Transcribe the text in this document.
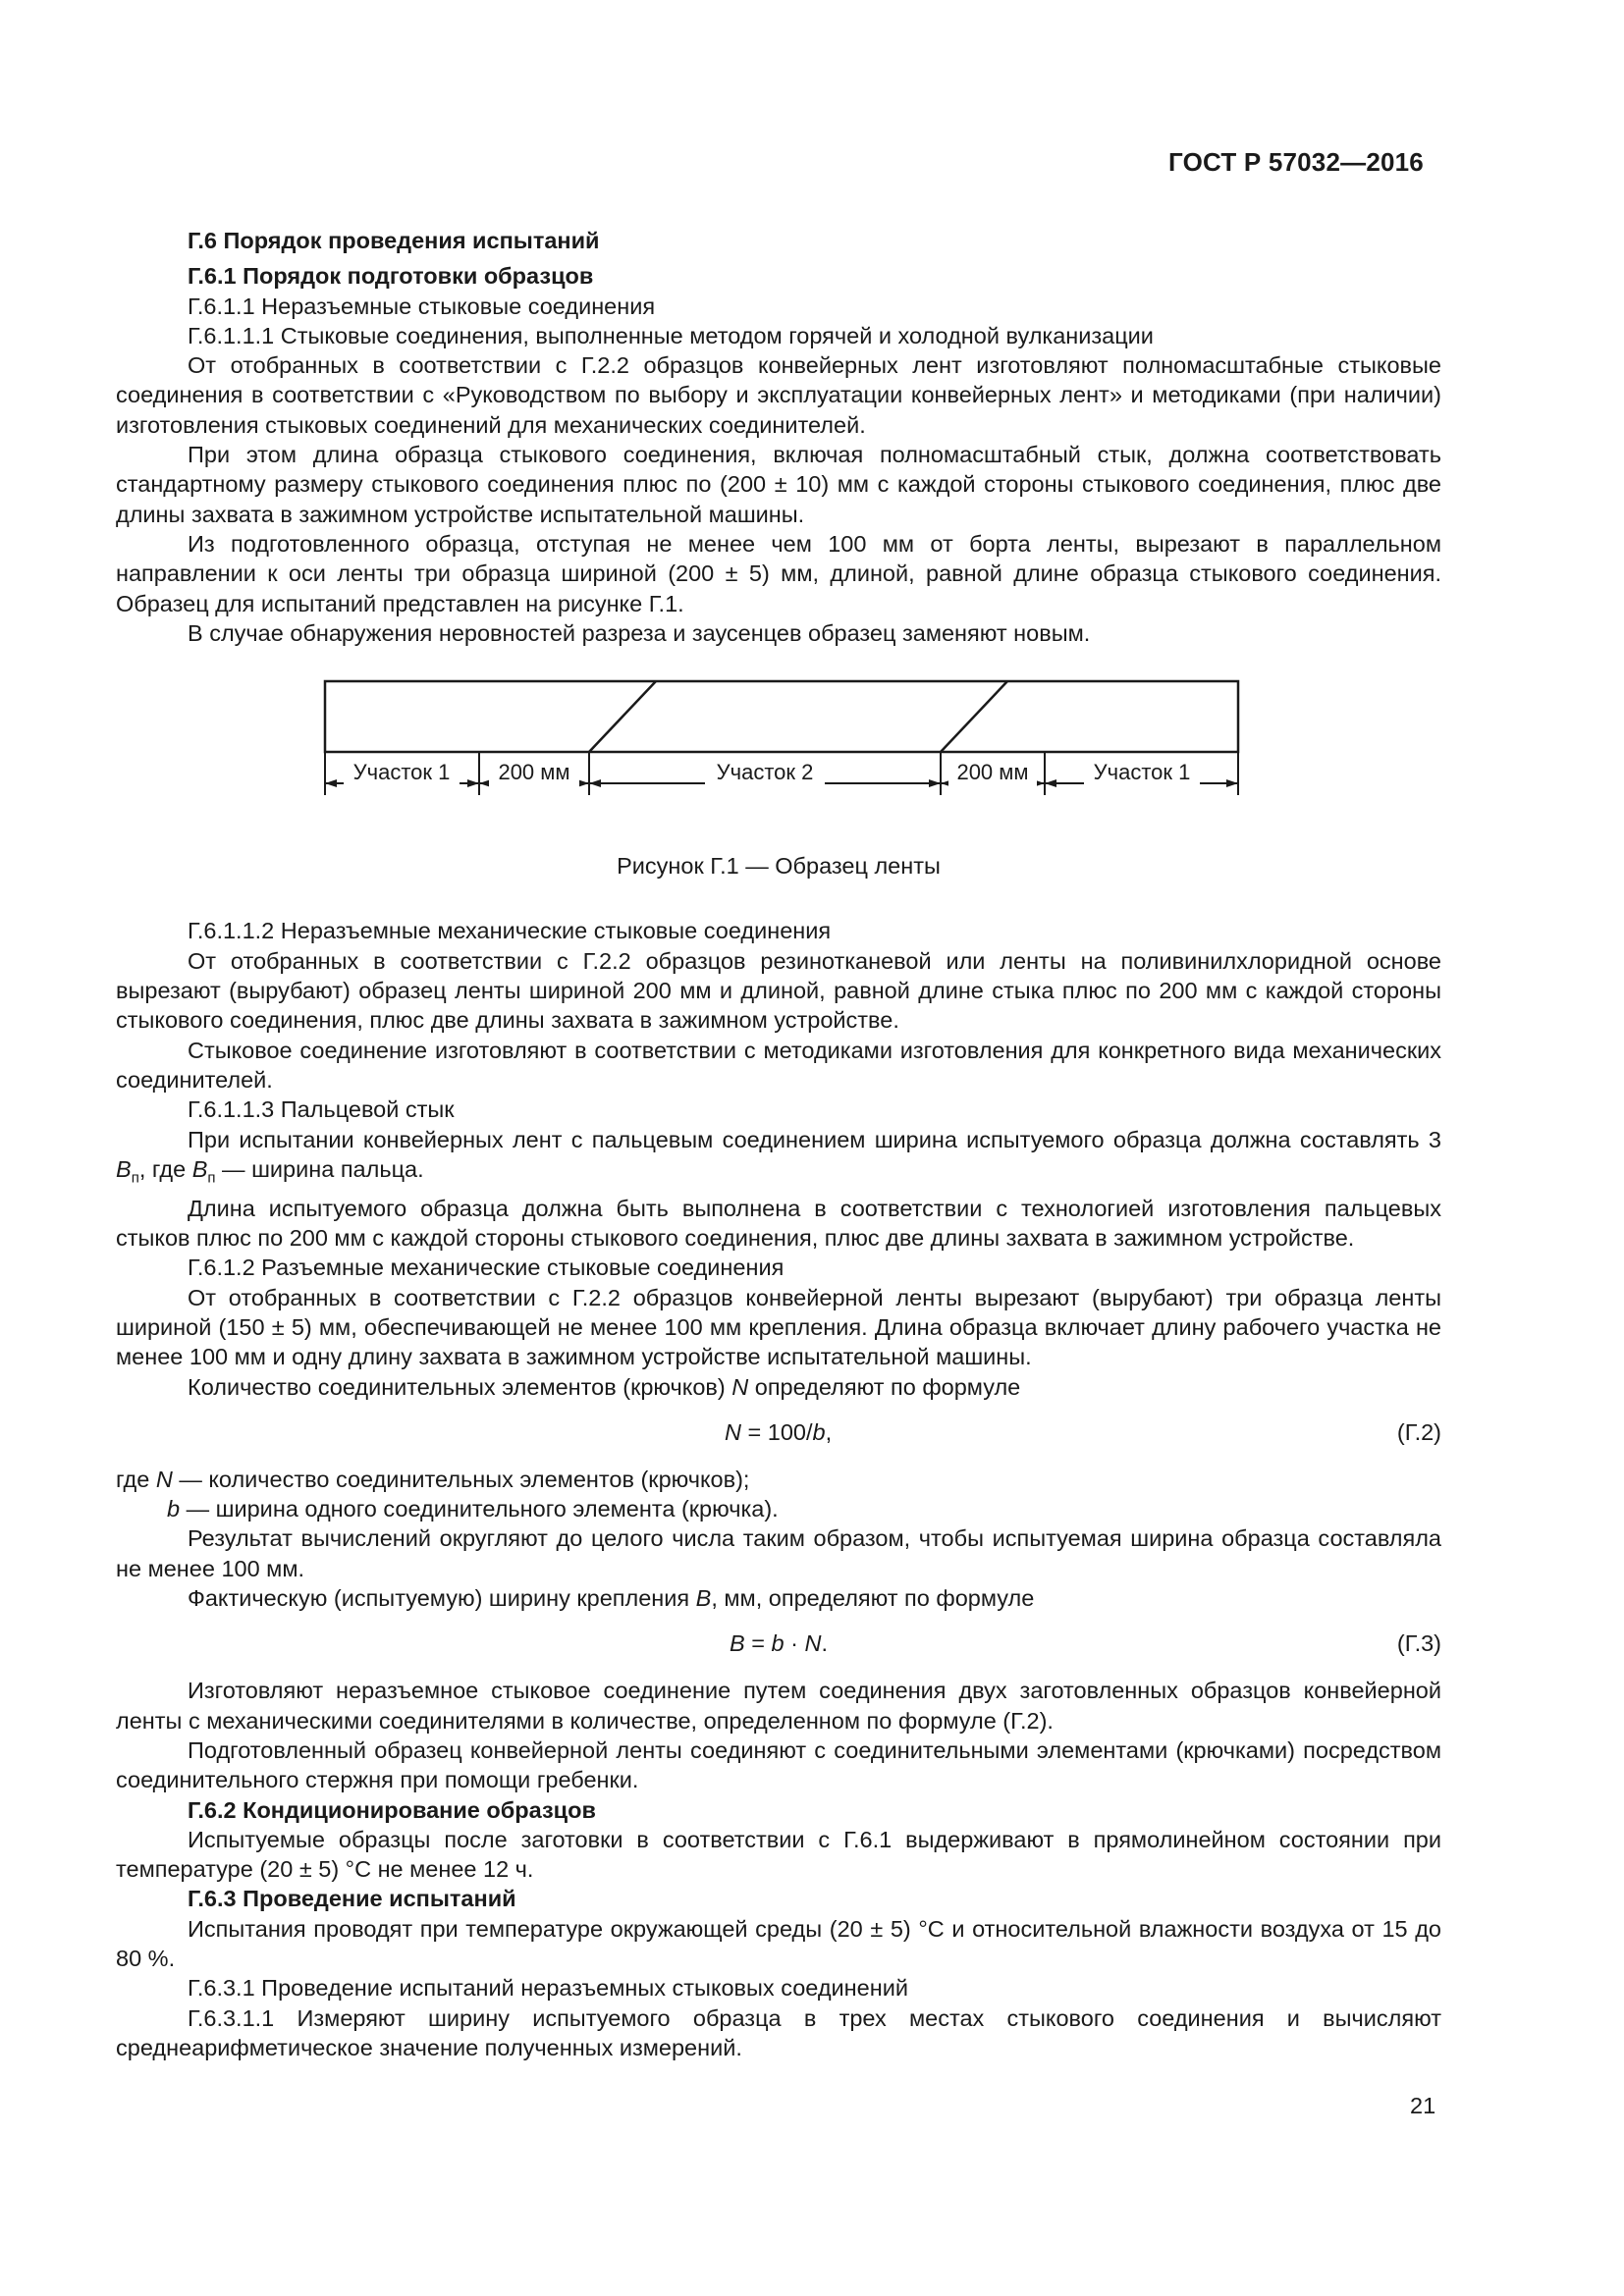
ГОСТ Р 57032—2016

Г.6 Порядок проведения испытаний

Г.6.1 Порядок подготовки образцов

Г.6.1.1 Неразъемные стыковые соединения

Г.6.1.1.1 Стыковые соединения, выполненные методом горячей и холодной вулканизации

От отобранных в соответствии с Г.2.2 образцов конвейерных лент изготовляют полномасштабные стыковые соединения в соответствии с «Руководством по выбору и эксплуатации конвейерных лент» и методиками (при наличии) изготовления стыковых соединений для механических соединителей.

При этом длина образца стыкового соединения, включая полномасштабный стык, должна соответствовать стандартному размеру стыкового соединения плюс по (200 ± 10) мм с каждой стороны стыкового соединения, плюс две длины захвата в зажимном устройстве испытательной машины.

Из подготовленного образца, отступая не менее чем 100 мм от борта ленты, вырезают в параллельном направлении к оси ленты три образца шириной (200 ± 5) мм, длиной, равной длине образца стыкового соединения. Образец для испытаний представлен на рисунке Г.1.

В случае обнаружения неровностей разреза и заусенцев образец заменяют новым.

Участок 1 200 мм	Участок 2	200 мм	Участок 1

Рисунок Г.1 — Образец ленты

Г.6.1.1.2 Неразъемные механические стыковые соединения

От отобранных в соответствии с Г.2.2 образцов резинотканевой или ленты на поливинилхлоридной основе вырезают (вырубают) образец ленты шириной 200 мм и длиной, равной длине стыка плюс по 200 мм с каждой стороны стыкового соединения, плюс две длины захвата в зажимном устройстве.

Стыковое соединение изготовляют в соответствии с методиками изготовления для конкретного вида механических соединителей.

Г.6.1.1.3 Пальцевой стык

При испытании конвейерных лент с пальцевым соединением ширина испытуемого образца должна составлять 3 $B_п$, где $B_п$ — ширина пальца.

Длина испытуемого образца должна быть выполнена в соответствии с технологией изготовления пальцевых стыков плюс по 200 мм с каждой стороны стыкового соединения, плюс две длины захвата в зажимном устройстве.

Г.6.1.2 Разъемные механические стыковые соединения

От отобранных в соответствии с Г.2.2 образцов конвейерной ленты вырезают (вырубают) три образца ленты шириной (150 ± 5) мм, обеспечивающей не менее 100 мм крепления. Длина образца включает длину рабочего участка не менее 100 мм и одну длину захвата в зажимном устройстве испытательной машины.

Количество соединительных элементов (крючков) N определяют по формуле

N = 100/b,	(Г.2)

где N — количество соединительных элементов (крючков);

b — ширина одного соединительного элемента (крючка).

Результат вычислений округляют до целого числа таким образом, чтобы испытуемая ширина образца составляла не менее 100 мм.

Фактическую (испытуемую) ширину крепления B, мм, определяют по формуле

B = b · N.	(Г.3)

Изготовляют неразъемное стыковое соединение путем соединения двух заготовленных образцов конвейерной ленты с механическими соединителями в количестве, определенном по формуле (Г.2).

Подготовленный образец конвейерной ленты соединяют с соединительными элементами (крючками) посредством соединительного стержня при помощи гребенки.

Г.6.2 Кондиционирование образцов

Испытуемые образцы после заготовки в соответствии с Г.6.1 выдерживают в прямолинейном состоянии при температуре (20 ± 5) °С не менее 12 ч.

Г.6.3 Проведение испытаний

Испытания проводят при температуре окружающей среды (20 ± 5) °С и относительной влажности воздуха от 15 до 80 %.

Г.6.3.1 Проведение испытаний неразъемных стыковых соединений

Г.6.3.1.1 Измеряют ширину испытуемого образца в трех местах стыкового соединения и вычисляют среднеарифметическое значение полученных измерений.

21
